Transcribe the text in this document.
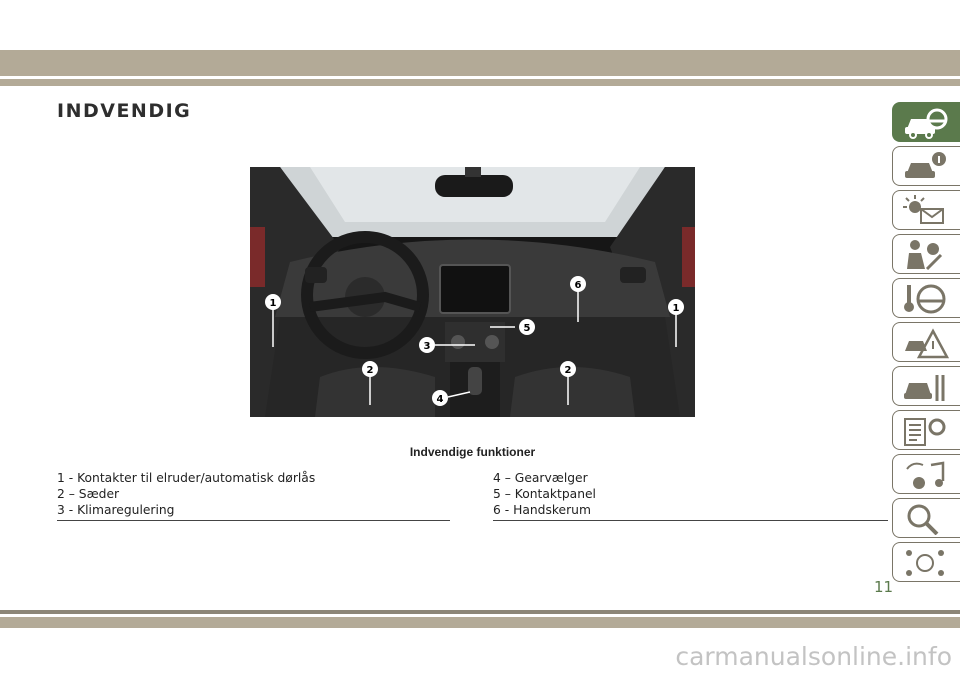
INDVENDIG
1	1
2	2
3
4
5
6
Indvendige funktioner
1 - Kontakter til elruder/automatisk dørlås
2 – Sæder
3 - Klimaregulering
4 – Gearvælger
5 – Kontaktpanel
6 - Handskerum
11
carmanualsonline.info
